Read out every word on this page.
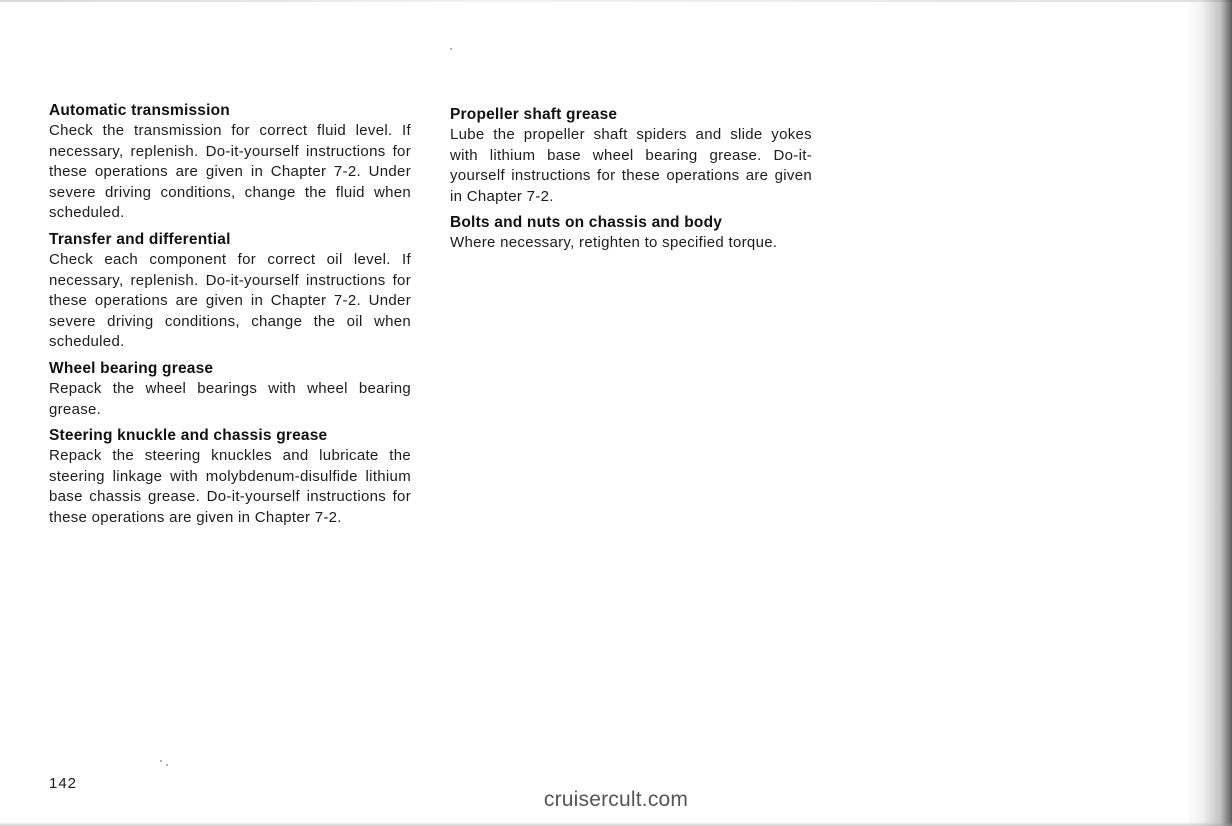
Automatic transmission

Check the transmission for correct fluid level. If necessary, replenish. Do-it-yourself instructions for these operations are given in Chapter 7-2. Under severe driving conditions, change the fluid when scheduled.

Transfer and differential

Check each component for correct oil level. If necessary, replenish. Do-it-yourself instructions for these operations are given in Chapter 7-2. Under severe driving conditions, change the oil when scheduled.

Wheel bearing grease

Repack the wheel bearings with wheel bearing grease.

Steering knuckle and chassis grease

Repack the steering knuckles and lubricate the steering linkage with molybdenum-disulfide lithium base chassis grease. Do-it-yourself instructions for these operations are given in Chapter 7-2.

Propeller shaft grease

Lube the propeller shaft spiders and slide yokes with lithium base wheel bearing grease. Do-it-yourself instructions for these operations are given in Chapter 7-2.

Bolts and nuts on chassis and body

Where necessary, retighten to specified torque.

142
cruisercult.com
